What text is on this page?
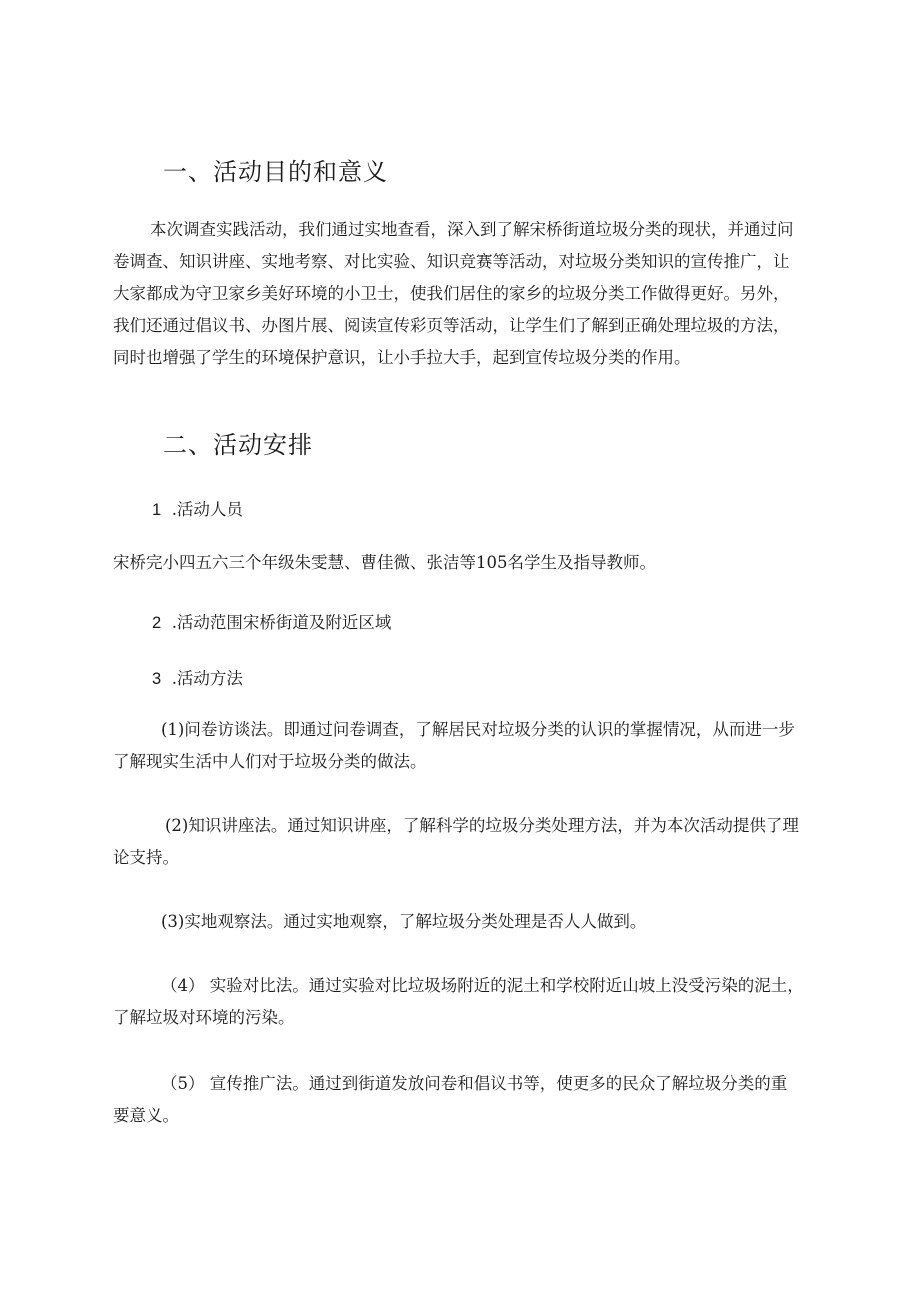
一、活动目的和意义
本次调查实践活动，我们通过实地查看，深入到了解宋桥街道垃圾分类的现状，并通过问
卷调查、知识讲座、实地考察、对比实验、知识竞赛等活动，对垃圾分类知识的宣传推广，让
大家都成为守卫家乡美好环境的小卫士，使我们居住的家乡的垃圾分类工作做得更好。另外，
我们还通过倡议书、办图片展、阅读宣传彩页等活动，让学生们了解到正确处理垃圾的方法，
同时也增强了学生的环境保护意识，让小手拉大手，起到宣传垃圾分类的作用。
二、活动安排
1 .活动人员
宋桥完小四五六三个年级朱雯慧、曹佳微、张洁等105名学生及指导教师。
2 .活动范围宋桥街道及附近区域
3 .活动方法
(1)问卷访谈法。即通过问卷调查，了解居民对垃圾分类的认识的掌握情况，从而进一步
了解现实生活中人们对于垃圾分类的做法。
(2)知识讲座法。通过知识讲座，了解科学的垃圾分类处理方法，并为本次活动提供了理
论支持。
(3)实地观察法。通过实地观察，了解垃圾分类处理是否人人做到。
（4） 实验对比法。通过实验对比垃圾场附近的泥土和学校附近山坡上没受污染的泥土，
了解垃圾对环境的污染。
（5） 宣传推广法。通过到街道发放问卷和倡议书等，使更多的民众了解垃圾分类的重
要意义。
